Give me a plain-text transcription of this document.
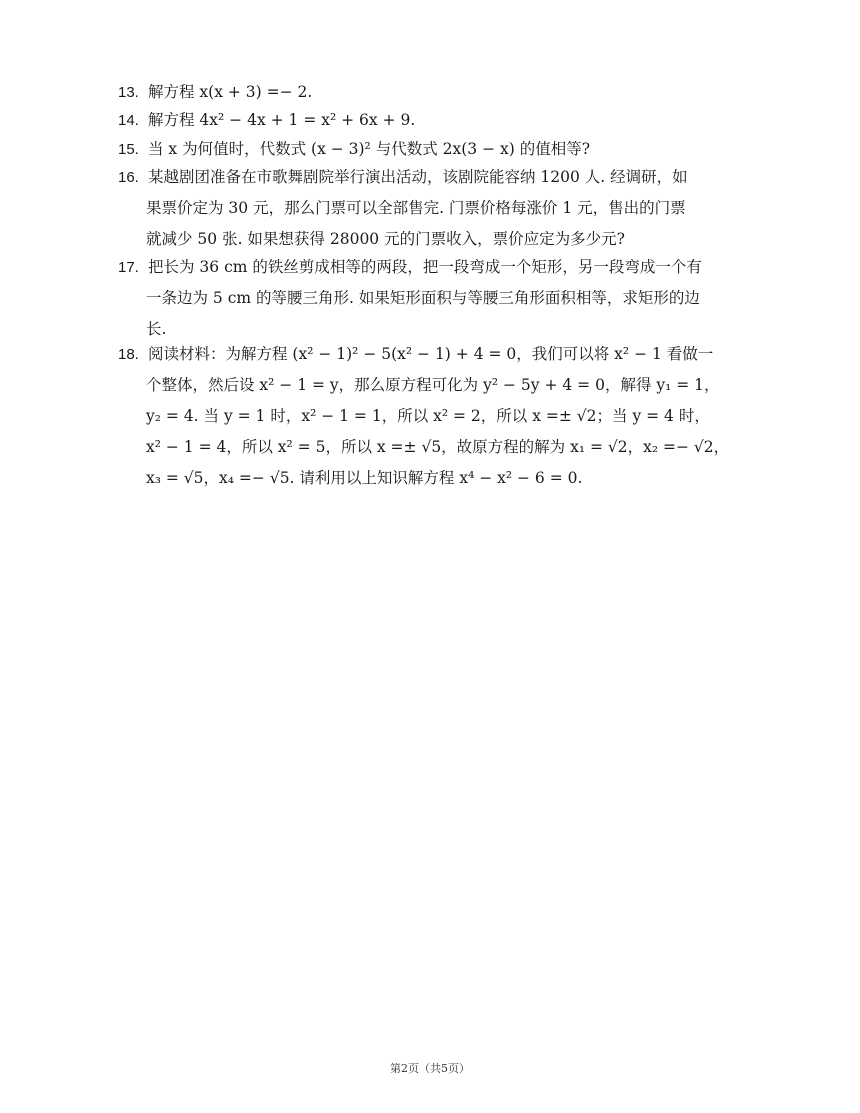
13. 解方程 x(x + 3) =− 2.
14. 解方程 4x² − 4x + 1 = x² + 6x + 9.
15. 当 x 为何值时，代数式 (x − 3)² 与代数式 2x(3 − x) 的值相等?
16. 某越剧团准备在市歌舞剧院举行演出活动，该剧院能容纳 1200 人. 经调研，如
果票价定为 30 元，那么门票可以全部售完. 门票价格每涨价 1 元，售出的门票
就减少 50 张. 如果想获得 28000 元的门票收入，票价应定为多少元?
17. 把长为 36 cm 的铁丝剪成相等的两段，把一段弯成一个矩形，另一段弯成一个有
一条边为 5 cm 的等腰三角形. 如果矩形面积与等腰三角形面积相等，求矩形的边
长.
18. 阅读材料：为解方程 (x² − 1)² − 5(x² − 1) + 4 = 0，我们可以将 x² − 1 看做一
个整体，然后设 x² − 1 = y，那么原方程可化为 y² − 5y + 4 = 0，解得 y₁ = 1，
y₂ = 4. 当 y = 1 时，x² − 1 = 1，所以 x² = 2，所以 x =± √2；当 y = 4 时，
x² − 1 = 4，所以 x² = 5，所以 x =± √5，故原方程的解为 x₁ = √2，x₂ =− √2，
x₃ = √5，x₄ =− √5. 请利用以上知识解方程 x⁴ − x² − 6 = 0.
第2页（共5页）
